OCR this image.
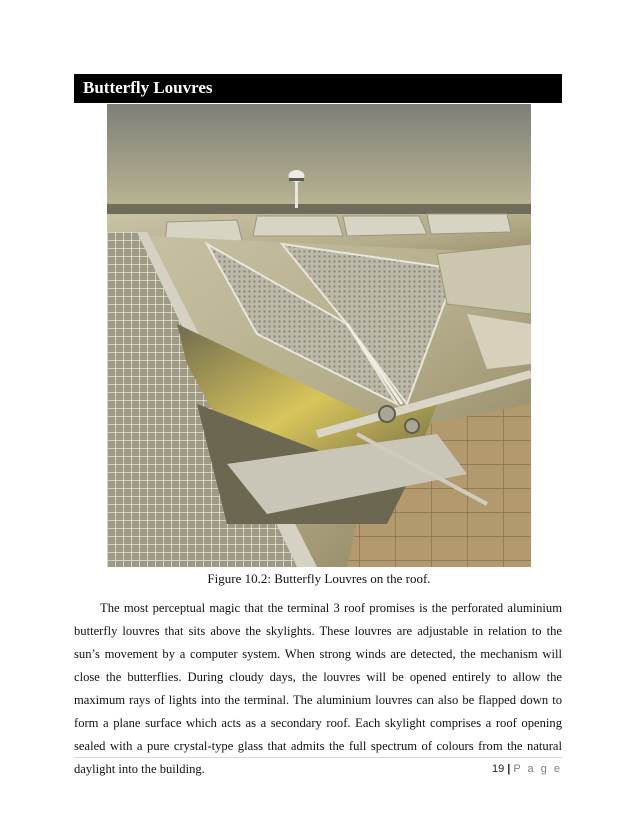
Butterfly Louvres
Figure 10.2: Butterfly Louvres on the roof.

The most perceptual magic that the terminal 3 roof promises is the perforated aluminium butterfly louvres that sits above the skylights. These louvres are adjustable in relation to the sun’s movement by a computer system. When strong winds are detected, the mechanism will close the butterflies. During cloudy days, the louvres will be opened entirely to allow the maximum rays of lights into the terminal. The aluminium louvres can also be flapped down to form a plane surface which acts as a secondary roof. Each skylight comprises a roof opening sealed with a pure crystal-type glass that admits the full spectrum of colours from the natural daylight into the building.	19 | P a g e
